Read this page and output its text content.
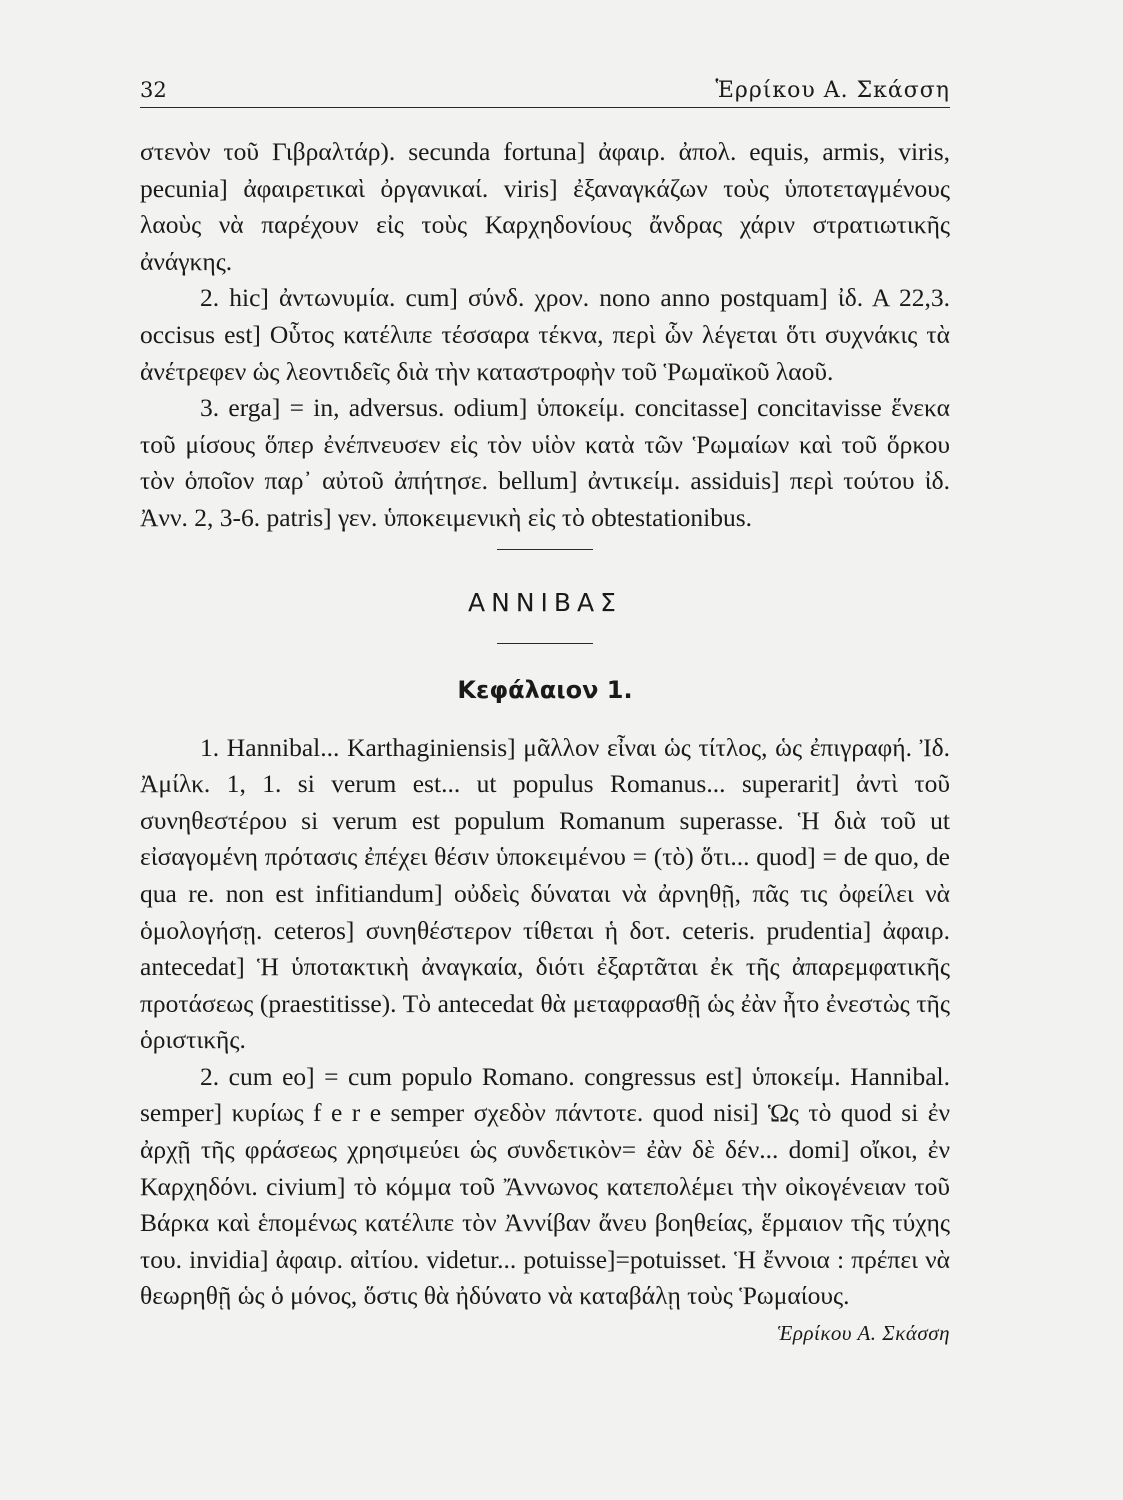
32	Ἑρρίκου Α. Σκάσση

στενὸν τοῦ Γιβραλτάρ). secunda fortuna] ἀφαιρ. ἀπολ. equis, armis, viris, pecunia] ἀφαιρετικαὶ ὀργανικαί. viris] ἐξαναγκάζων τοὺς ὑποτεταγμένους λαοὺς νὰ παρέχουν εἰς τοὺς Καρχηδονίους ἄνδρας χάριν στρατιωτικῆς ἀνάγκης.

2. hic] ἀντωνυμία. cum] σύνδ. χρον. nono anno postquam] ἰδ. Α 22,3. occisus est] Οὗτος κατέλιπε τέσσαρα τέκνα, περὶ ὧν λέγεται ὅτι συχνάκις τὰ ἀνέτρεφεν ὡς λεοντιδεῖς διὰ τὴν καταστροφὴν τοῦ Ῥωμαϊκοῦ λαοῦ.

3. erga] = in, adversus. odium] ὑποκείμ. concitasse] concitavisse ἕνεκα τοῦ μίσους ὅπερ ἐνέπνευσεν εἰς τὸν υἱὸν κατὰ τῶν Ῥωμαίων καὶ τοῦ ὅρκου τὸν ὁποῖον παρ᾽ αὐτοῦ ἀπήτησε. bellum] ἀντικείμ. assiduis] περὶ τούτου ἰδ. Ἀνν. 2, 3-6. patris] γεν. ὑποκειμενικὴ εἰς τὸ obtestationibus.

ΑΝΝΙΒΑΣ
Κεφάλαιον 1.

1. Hannibal... Karthaginiensis] μᾶλλον εἶναι ὡς τίτλος, ὡς ἐπιγραφή. Ἰδ. Ἀμίλκ. 1, 1. si verum est... ut populus Romanus... superarit] ἀντὶ τοῦ συνηθεστέρου si verum est populum Romanum superasse. Ἡ διὰ τοῦ ut εἰσαγομένη πρότασις ἐπέχει θέσιν ὑποκειμένου = (τὸ) ὅτι... quod] = de quo, de qua re. non est infitiandum] οὐδεὶς δύναται νὰ ἀρνηθῇ, πᾶς τις ὀφείλει νὰ ὁμολογήσῃ. ceteros] συνηθέστερον τίθεται ἡ δοτ. ceteris. prudentia] ἀφαιρ. antecedat] Ἡ ὑποτακτικὴ ἀναγκαία, διότι ἐξαρτᾶται ἐκ τῆς ἀπαρεμφατικῆς προτάσεως (praestitisse). Τὸ antecedat θὰ μεταφρασθῇ ὡς ἐὰν ἦτο ἐνεστὼς τῆς ὁριστικῆς.

2. cum eo] = cum populo Romano. congressus est] ὑποκείμ. Hannibal. semper] κυρίως f e r e semper σχεδὸν πάντοτε. quod nisi] Ὡς τὸ quod si ἐν ἀρχῇ τῆς φράσεως χρησιμεύει ὡς συνδετικὸν= ἐὰν δὲ δέν... domi] οἴκοι, ἐν Καρχηδόνι. civium] τὸ κόμμα τοῦ Ἄννωνος κατεπολέμει τὴν οἰκογένειαν τοῦ Βάρκα καὶ ἑπομένως κατέλιπε τὸν Ἀννίβαν ἄνευ βοηθείας, ἕρμαιον τῆς τύχης του. invidia] ἀφαιρ. αἰτίου. videtur... potuisse]=potuisset. Ἡ ἔννοια : πρέπει νὰ θεωρηθῇ ὡς ὁ μόνος, ὅστις θὰ ἠδύνατο νὰ καταβάλῃ τοὺς Ῥωμαίους.

Ἑρρίκου Α. Σκάσση
